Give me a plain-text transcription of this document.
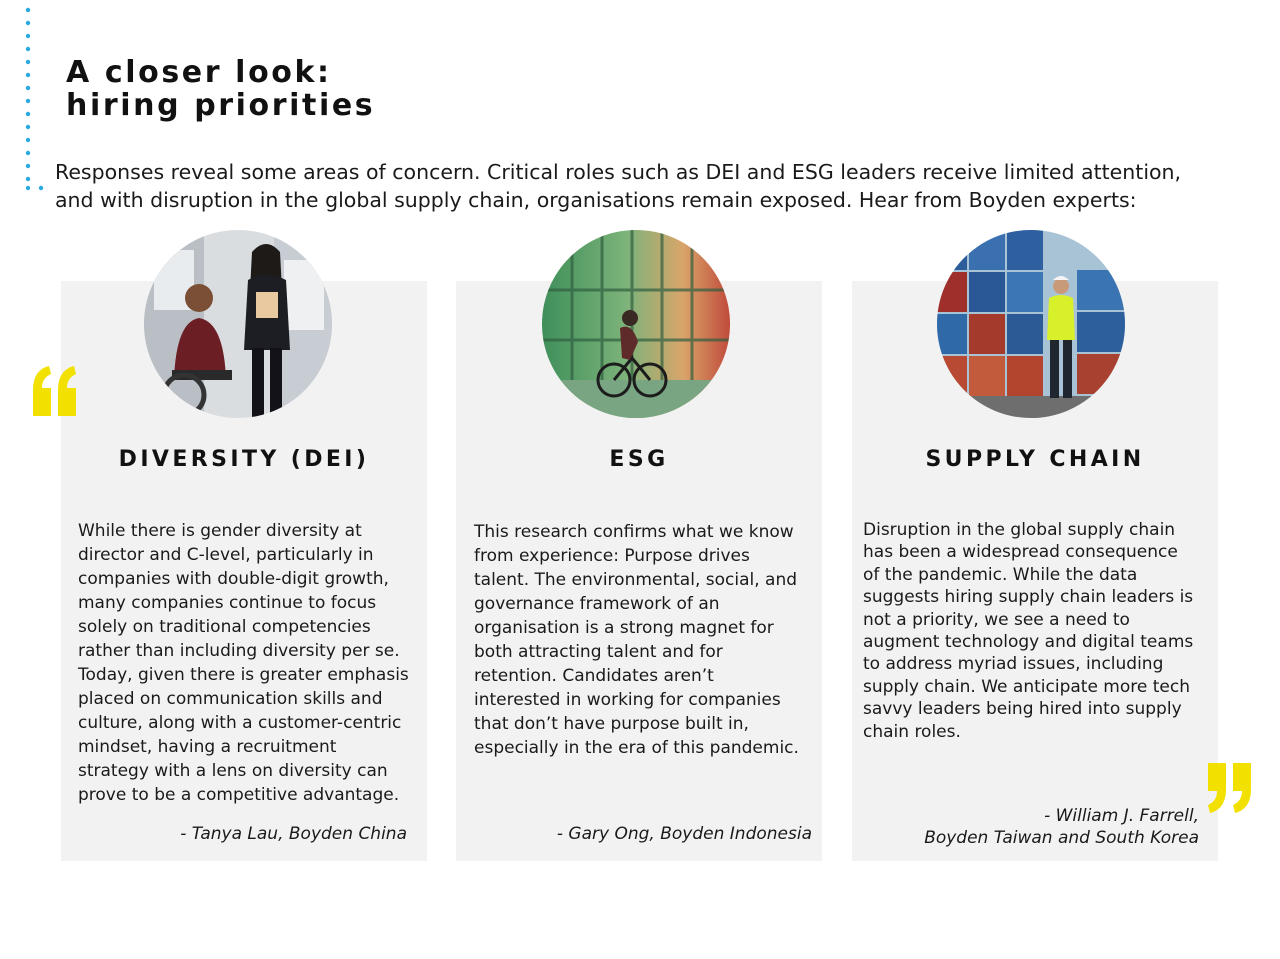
A closer look:
hiring priorities

Responses reveal some areas of concern. Critical roles such as DEI and ESG leaders receive limited attention,
and with disruption in the global supply chain, organisations remain exposed. Hear from Boyden experts:

DIVERSITY (DEI)	ESG	SUPPLY CHAIN

While there is gender diversity at
director and C-level, particularly in
companies with double-digit growth,
many companies continue to focus
solely on traditional competencies
rather than including diversity per se.
Today, given there is greater emphasis
placed on communication skills and
culture, along with a customer-centric
mindset, having a recruitment
strategy with a lens on diversity can
prove to be a competitive advantage.

This research confirms what we know
from experience: Purpose drives
talent. The environmental, social, and
governance framework of an
organisation is a strong magnet for
both attracting talent and for
retention. Candidates aren’t
interested in working for companies
that don’t have purpose built in,
especially in the era of this pandemic.

Disruption in the global supply chain
has been a widespread consequence
of the pandemic. While the data
suggests hiring supply chain leaders is
not a priority, we see a need to
augment technology and digital teams
to address myriad issues, including
supply chain. We anticipate more tech
savvy leaders being hired into supply
chain roles.

- Tanya Lau, Boyden China	- Gary Ong, Boyden Indonesia

- William J. Farrell,
Boyden Taiwan and South Korea
